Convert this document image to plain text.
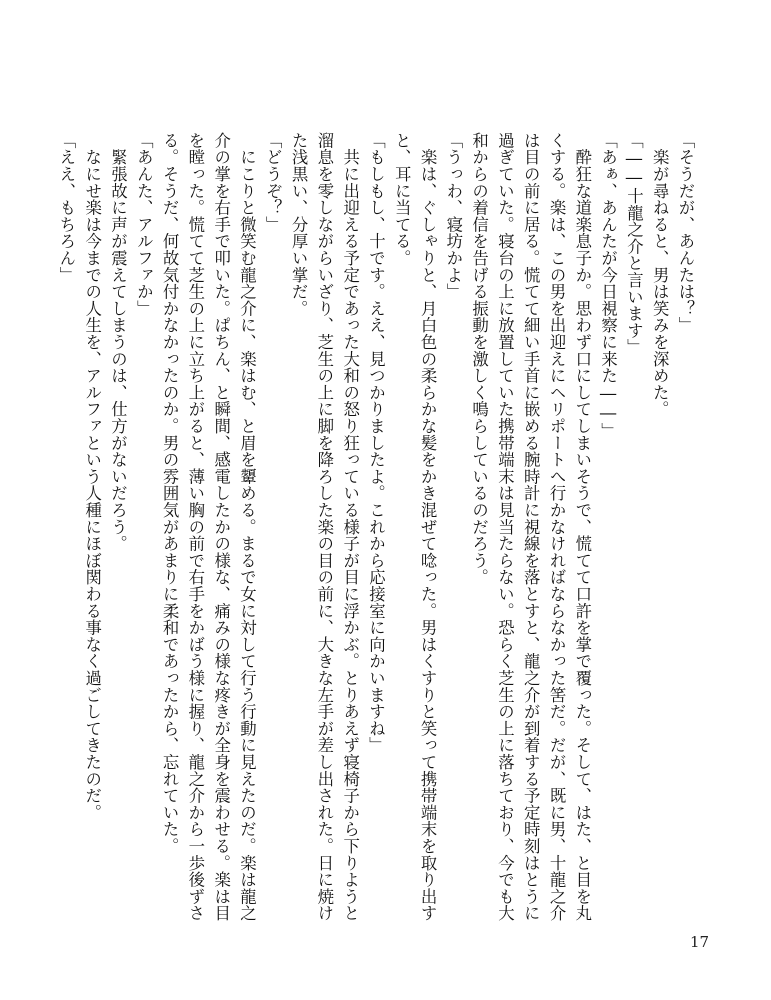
「そうだが、あんたは？」
　楽が尋ねると、男は笑みを深めた。
「――十龍之介と言います」
「あぁ、あんたが今日視察に来た――」
　酔狂な道楽息子か。思わず口にしてしまいそうで、慌てて口許を掌で覆った。そして、はた、と目を丸
くする。楽は、この男を出迎えにヘリポートへ行かなければならなかった筈だ。だが、既に男、十龍之介
は目の前に居る。慌てて細い手首に嵌める腕時計に視線を落とすと、龍之介が到着する予定時刻はとうに
過ぎていた。寝台の上に放置していた携帯端末は見当たらない。恐らく芝生の上に落ちており、今でも大
和からの着信を告げる振動を激しく鳴らしているのだろう。
「うっわ、寝坊かよ」
　楽は、ぐしゃりと、月白色の柔らかな髪をかき混ぜて唸った。男はくすりと笑って携帯端末を取り出す
と、耳に当てる。
「もしもし、十です。ええ、見つかりましたよ。これから応接室に向かいますね」
　共に出迎える予定であった大和の怒り狂っている様子が目に浮かぶ。とりあえず寝椅子から下りようと
溜息を零しながらいざり、芝生の上に脚を降ろした楽の目の前に、大きな左手が差し出された。日に焼け
た浅黒い、分厚い掌だ。
「どうぞ？」
　にこりと微笑む龍之介に、楽はむ、と眉を顰める。まるで女に対して行う行動に見えたのだ。楽は龍之
介の掌を右手で叩いた。ぱちん、と瞬間、感電したかの様な、痛みの様な疼きが全身を震わせる。楽は目
を瞠った。慌てて芝生の上に立ち上がると、薄い胸の前で右手をかばう様に握り、龍之介から一歩後ずさ
る。そうだ、何故気付かなかったのか。男の雰囲気があまりに柔和であったから、忘れていた。
「あんた、アルファか」
　緊張故に声が震えてしまうのは、仕方がないだろう。
　なにせ楽は今までの人生を、アルファという人種にほぼ関わる事なく過ごしてきたのだ。
「ええ、もちろん」
17
